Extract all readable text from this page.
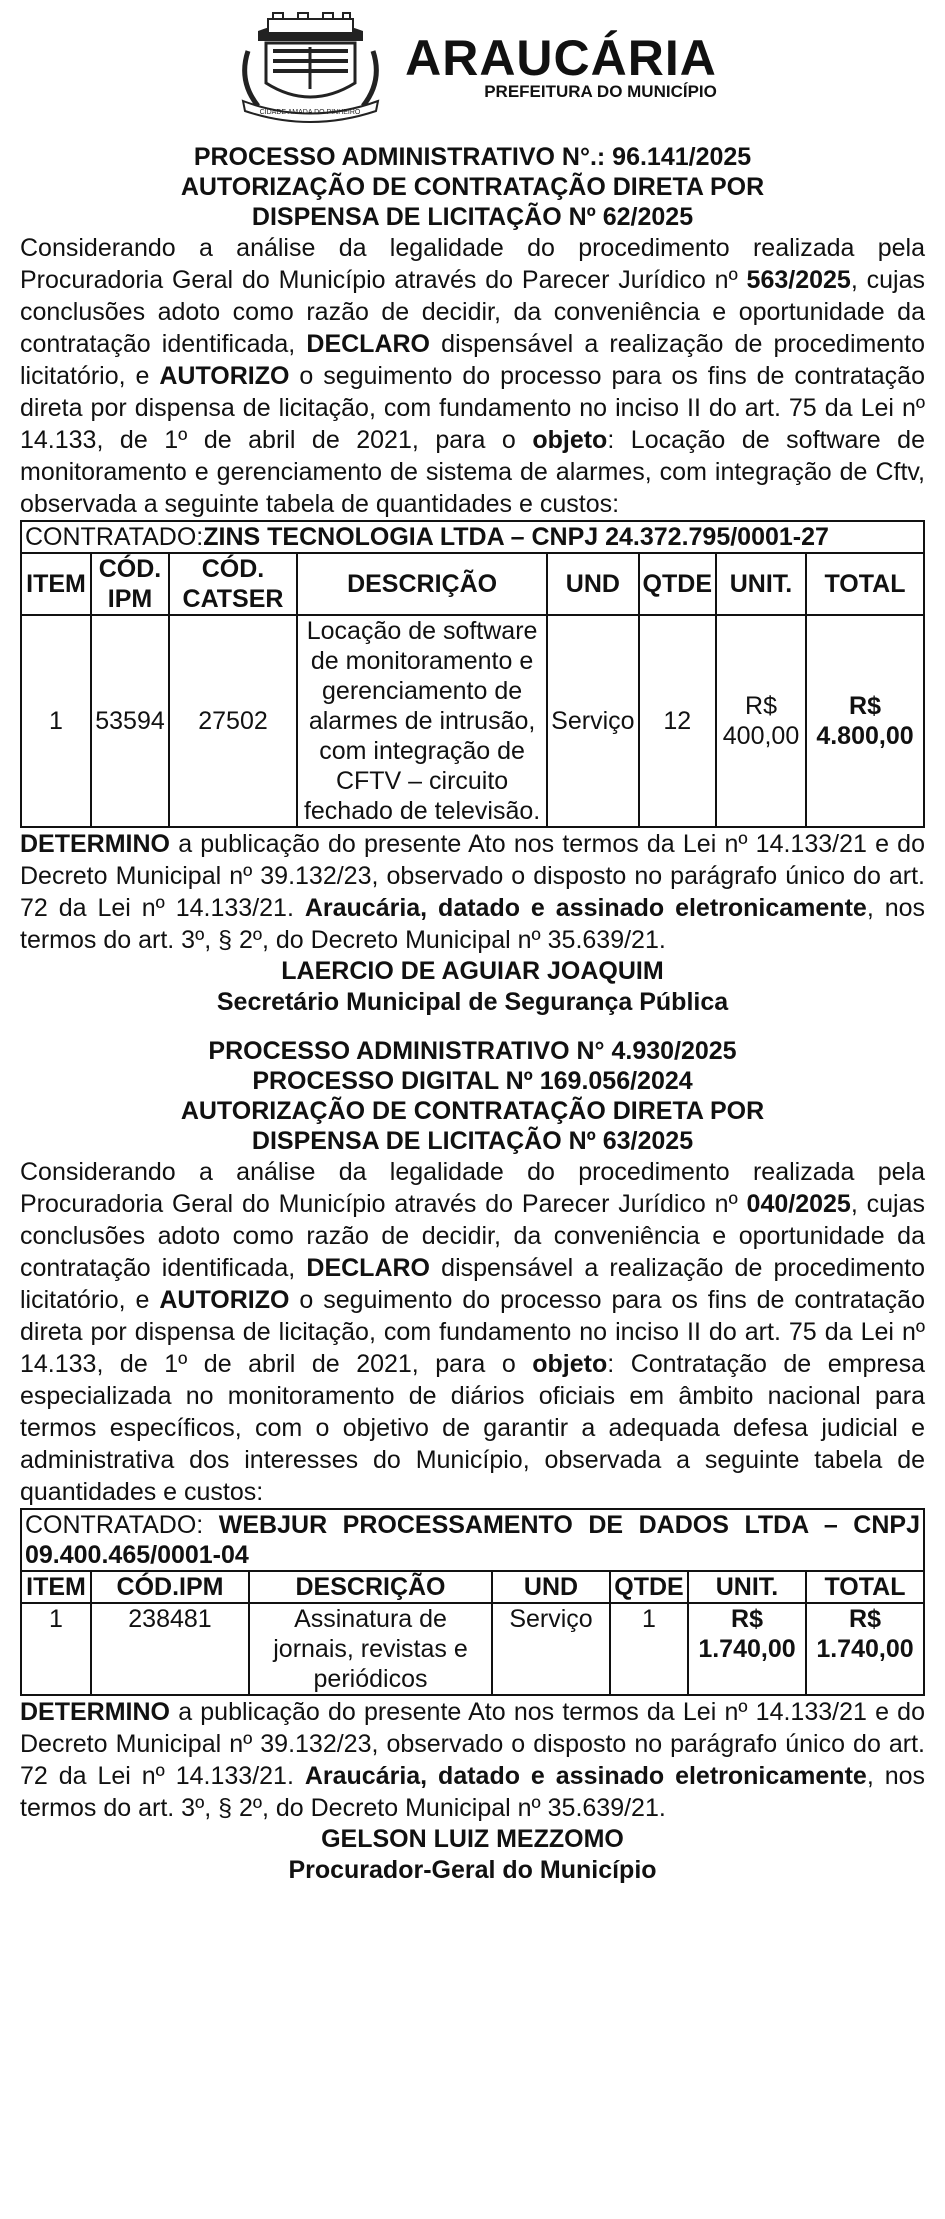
CIDADE AMADA DO PINHEIRO
ARAUCÁRIA
PREFEITURA DO MUNICÍPIO
PROCESSO ADMINISTRATIVO N°.: 96.141/2025
AUTORIZAÇÃO DE CONTRATAÇÃO DIRETA POR
DISPENSA DE LICITAÇÃO Nº 62/2025
Considerando a análise da legalidade do procedimento realizada pela Procuradoria Geral do Município através do Parecer Jurídico nº 563/2025, cujas conclusões adoto como razão de decidir, da conveniência e oportunidade da contratação identificada, DECLARO dispensável a realização de procedimento licitatório, e AUTORIZO o seguimento do processo para os fins de contratação direta por dispensa de licitação, com fundamento no inciso II do art. 75 da Lei nº 14.133, de 1º de abril de 2021, para o objeto: Locação de software de monitoramento e gerenciamento de sistema de alarmes, com integração de Cftv, observada a seguinte tabela de quantidades e custos:
CONTRATADO:ZINS TECNOLOGIA LTDA – CNPJ 24.372.795/0001-27							
ITEM	CÓD. IPM	CÓD. CATSER	DESCRIÇÃO	UND	QTDE	UNIT.	TOTAL
1	53594	27502	Locação de software de monitoramento e gerenciamento de alarmes de intrusão, com integração de CFTV – circuito fechado de televisão.	Serviço	12	R$ 400,00	R$ 4.800,00
DETERMINO a publicação do presente Ato nos termos da Lei nº 14.133/21 e do Decreto Municipal nº 39.132/23, observado o disposto no parágrafo único do art. 72 da Lei nº 14.133/21. Araucária, datado e assinado eletronicamente, nos termos do art. 3º, § 2º, do Decreto Municipal nº 35.639/21.
LAERCIO DE AGUIAR JOAQUIM
Secretário Municipal de Segurança Pública
PROCESSO ADMINISTRATIVO N° 4.930/2025
PROCESSO DIGITAL Nº 169.056/2024
AUTORIZAÇÃO DE CONTRATAÇÃO DIRETA POR
DISPENSA DE LICITAÇÃO Nº 63/2025
Considerando a análise da legalidade do procedimento realizada pela Procuradoria Geral do Município através do Parecer Jurídico nº 040/2025, cujas conclusões adoto como razão de decidir, da conveniência e oportunidade da contratação identificada, DECLARO dispensável a realização de procedimento licitatório, e AUTORIZO o seguimento do processo para os fins de contratação direta por dispensa de licitação, com fundamento no inciso II do art. 75 da Lei nº 14.133, de 1º de abril de 2021, para o objeto: Contratação de empresa especializada no monitoramento de diários oficiais em âmbito nacional para termos específicos, com o objetivo de garantir a adequada defesa judicial e administrativa dos interesses do Município, observada a seguinte tabela de quantidades e custos:
CONTRATADO: WEBJUR PROCESSAMENTO DE DADOS LTDA – CNPJ 09.400.465/0001-04						
ITEM	CÓD.IPM	DESCRIÇÃO	UND	QTDE	UNIT.	TOTAL
1	238481	Assinatura de jornais, revistas e periódicos	Serviço	1	R$ 1.740,00	R$ 1.740,00
DETERMINO a publicação do presente Ato nos termos da Lei nº 14.133/21 e do Decreto Municipal nº 39.132/23, observado o disposto no parágrafo único do art. 72 da Lei nº 14.133/21. Araucária, datado e assinado eletronicamente, nos termos do art. 3º, § 2º, do Decreto Municipal nº 35.639/21.
GELSON LUIZ MEZZOMO
Procurador-Geral do Município
